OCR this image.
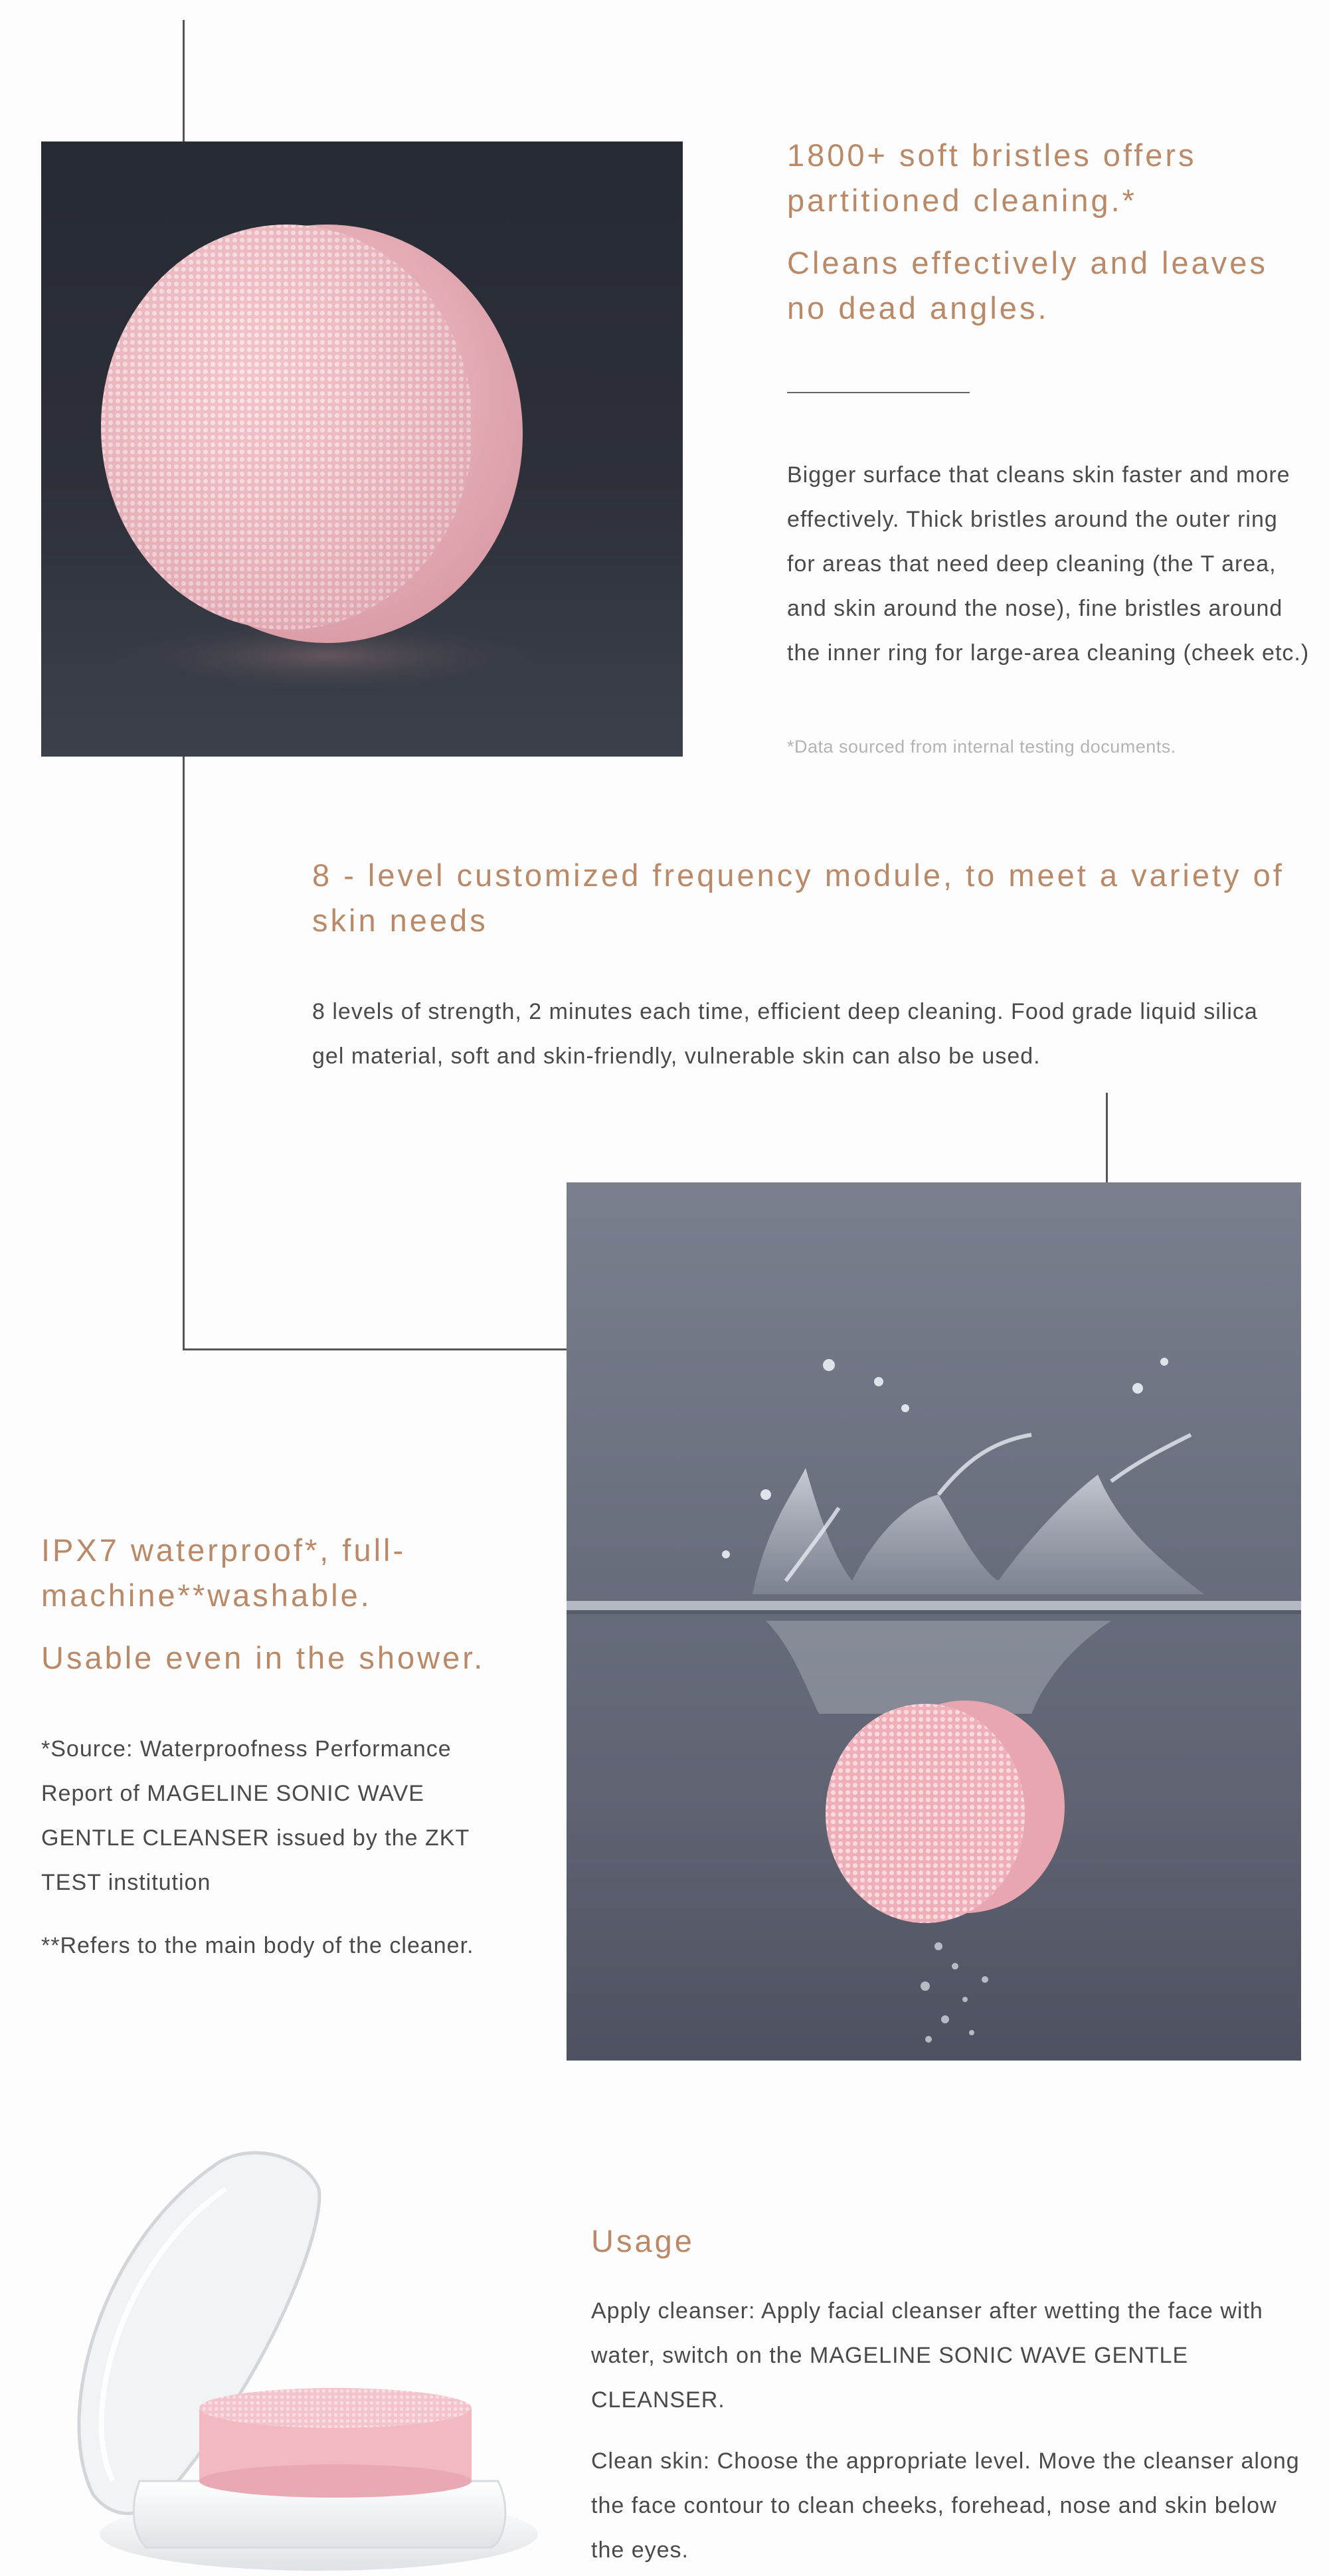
1800+ soft bristles offers partitioned cleaning.*

Cleans effectively and leaves no dead angles.

Bigger surface that cleans skin faster and more effectively. Thick bristles around the outer ring for areas that need deep cleaning (the T area, and skin around the nose), fine bristles around the inner ring for large-area cleaning (cheek etc.)

*Data sourced from internal testing documents.

8 - level customized frequency module, to meet a variety of skin needs

8 levels of strength, 2 minutes each time, efficient deep cleaning. Food grade liquid silica gel material, soft and skin-friendly, vulnerable skin can also be used.

IPX7 waterproof*, full-machine**washable.

Usable even in the shower.

*Source: Waterproofness Performance Report of MAGELINE SONIC WAVE GENTLE CLEANSER issued by the ZKT TEST institution

**Refers to the main body of the cleaner.

Usage

Apply cleanser: Apply facial cleanser after wetting the face with water, switch on the MAGELINE SONIC WAVE GENTLE CLEANSER.

Clean skin: Choose the appropriate level. Move the cleanser along the face contour to clean cheeks, forehead, nose and skin below the eyes.
